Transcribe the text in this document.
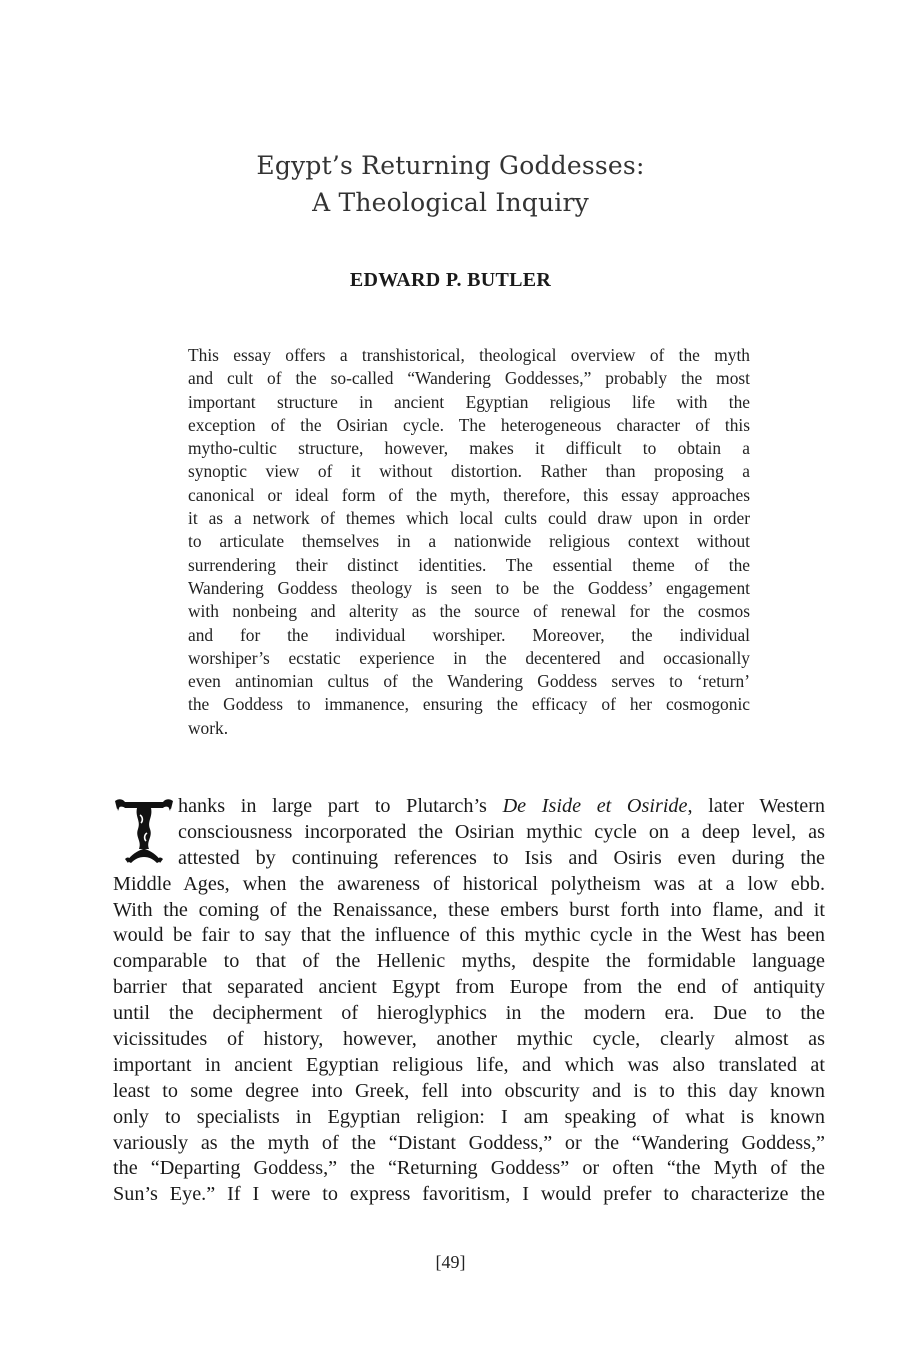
Egypt’s Returning Goddesses:
A Theological Inquiry
EDWARD P. BUTLER
This essay offers a transhistorical, theological overview of the myth
and cult of the so-called “Wandering Goddesses,” probably the most
important structure in ancient Egyptian religious life with the
exception of the Osirian cycle. The heterogeneous character of this
mytho-cultic structure, however, makes it difficult to obtain a
synoptic view of it without distortion. Rather than proposing a
canonical or ideal form of the myth, therefore, this essay approaches
it as a network of themes which local cults could draw upon in order
to articulate themselves in a nationwide religious context without
surrendering their distinct identities. The essential theme of the
Wandering Goddess theology is seen to be the Goddess’ engagement
with nonbeing and alterity as the source of renewal for the cosmos
and for the individual worshiper. Moreover, the individual
worshiper’s ecstatic experience in the decentered and occasionally
even antinomian cultus of the Wandering Goddess serves to ‘return’
the Goddess to immanence, ensuring the efficacy of her cosmogonic
work.
hanks in large part to Plutarch’s De Iside et Osiride, later Western
consciousness incorporated the Osirian mythic cycle on a deep level, as
attested by continuing references to Isis and Osiris even during the
Middle Ages, when the awareness of historical polytheism was at a low ebb.
With the coming of the Renaissance, these embers burst forth into flame, and it
would be fair to say that the influence of this mythic cycle in the West has been
comparable to that of the Hellenic myths, despite the formidable language
barrier that separated ancient Egypt from Europe from the end of antiquity
until the decipherment of hieroglyphics in the modern era. Due to the
vicissitudes of history, however, another mythic cycle, clearly almost as
important in ancient Egyptian religious life, and which was also translated at
least to some degree into Greek, fell into obscurity and is to this day known
only to specialists in Egyptian religion: I am speaking of what is known
variously as the myth of the “Distant Goddess,” or the “Wandering Goddess,”
the “Departing Goddess,” the “Returning Goddess” or often “the Myth of the
Sun’s Eye.” If I were to express favoritism, I would prefer to characterize the
[49]
